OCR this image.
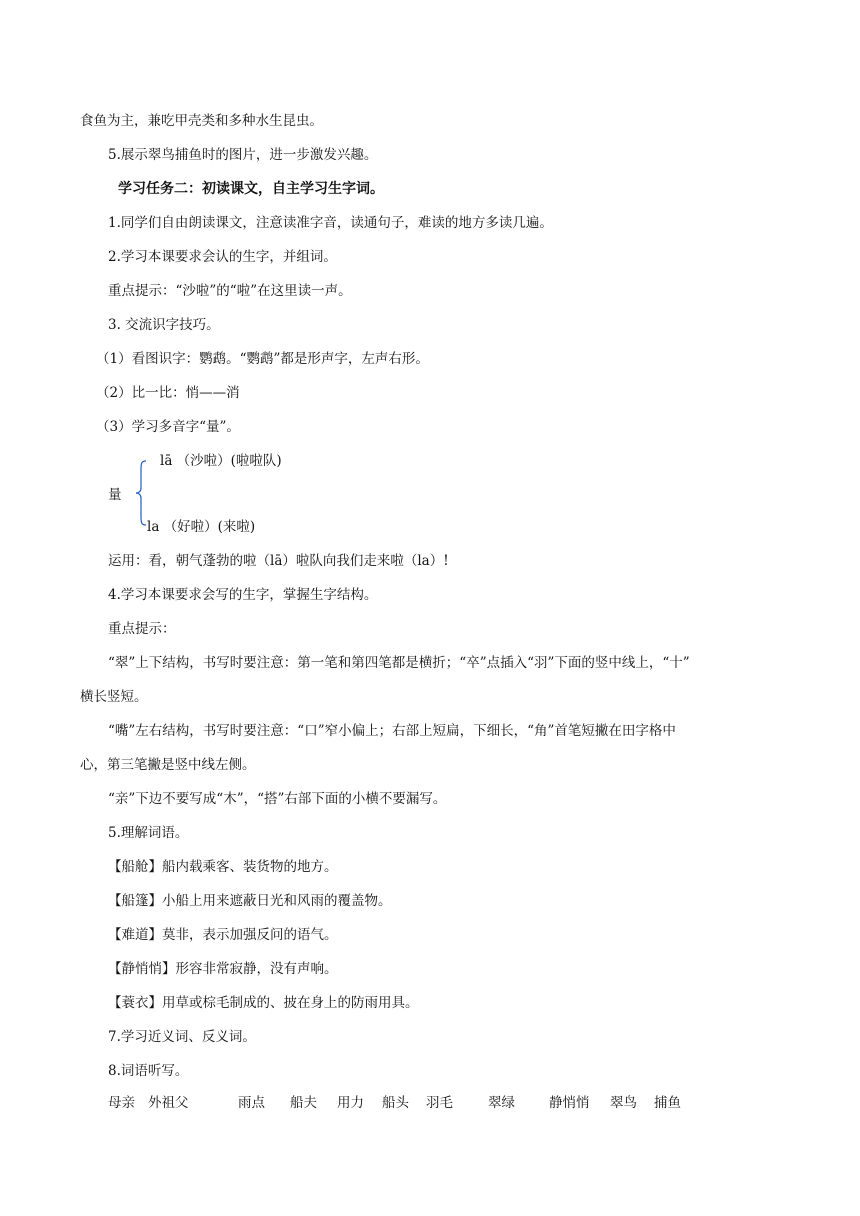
食鱼为主，兼吃甲壳类和多种水生昆虫。
5.展示翠鸟捕鱼时的图片，进一步激发兴趣。
学习任务二：初读课文，自主学习生字词。
1.同学们自由朗读课文，注意读准字音，读通句子，难读的地方多读几遍。
2.学习本课要求会认的生字，并组词。
重点提示：“沙啦”的“啦”在这里读一声。
3. 交流识字技巧。
（1）看图识字：鹦鹉。“鹦鹉”都是形声字，左声右形。
（2）比一比：悄——消
（3）学习多音字“量”。
lā （沙啦）(啦啦队)
量
la （好啦）(来啦)
运用：看，朝气蓬勃的啦（lā）啦队向我们走来啦（la）!
4.学习本课要求会写的生字，掌握生字结构。
重点提示：
“翠”上下结构，书写时要注意：第一笔和第四笔都是横折；“卒”点插入“羽”下面的竖中线上，“十”
横长竖短。
“嘴”左右结构，书写时要注意：“口”窄小偏上；右部上短扁，下细长，“角”首笔短撇在田字格中
心，第三笔撇是竖中线左侧。
“亲”下边不要写成“木”，“搭”右部下面的小横不要漏写。
5.理解词语。
【船舱】船内载乘客、装货物的地方。
【船篷】小船上用来遮蔽日光和风雨的覆盖物。
【难道】莫非，表示加强反问的语气。
【静悄悄】形容非常寂静，没有声响。
【蓑衣】用草或棕毛制成的、披在身上的防雨用具。
7.学习近义词、反义词。
8.词语听写。
母亲 外祖父	雨点 船夫 用力 船头 羽毛	翠绿	静悄悄 翠鸟 捕鱼
